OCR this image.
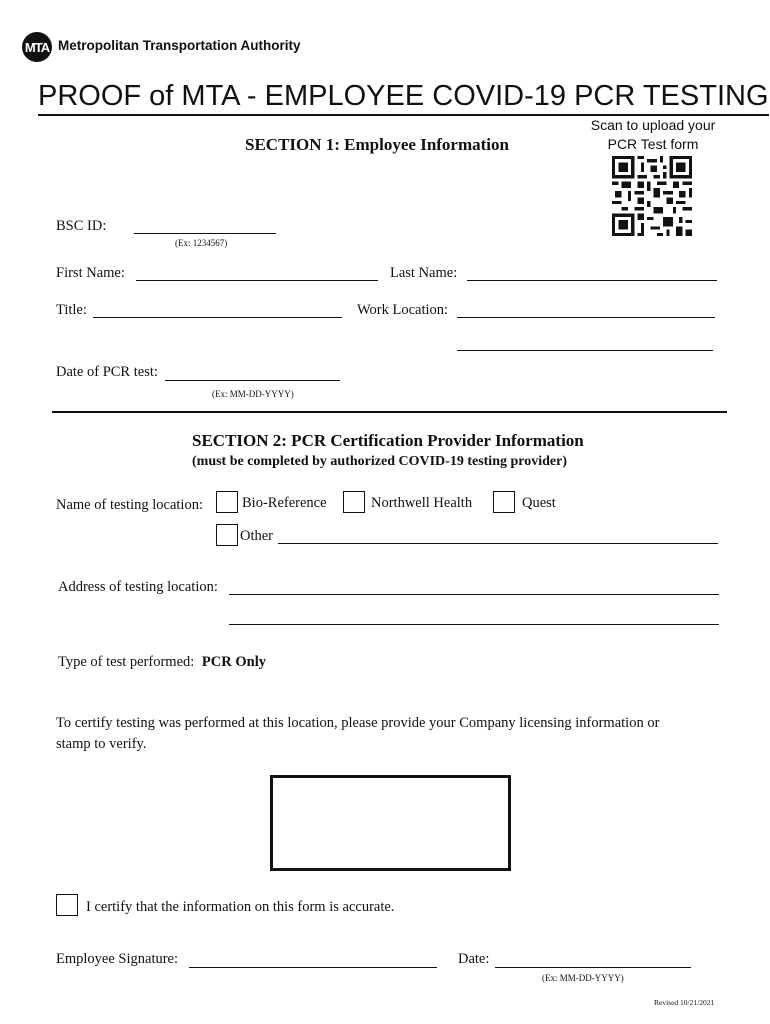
MTA Metropolitan Transportation Authority
PROOF of MTA - EMPLOYEE COVID-19 PCR TESTING
SECTION 1: Employee Information
Scan to upload your
PCR Test form
BSC ID:
(Ex: 1234567)
First Name:	Last Name:
Title:	Work Location:
Date of PCR test:
(Ex: MM-DD-YYYY)
SECTION 2: PCR Certification Provider Information
(must be completed by authorized COVID-19 testing provider)
Name of testing location:	Bio-Reference	Northwell Health	Quest
Other
Address of testing location:
Type of test performed: PCR Only
To certify testing was performed at this location, please provide your Company licensing information or
stamp to verify.
I certify that the information on this form is accurate.
Employee Signature:	Date:
(Ex: MM-DD-YYYY)
Revised 10/21/2021
